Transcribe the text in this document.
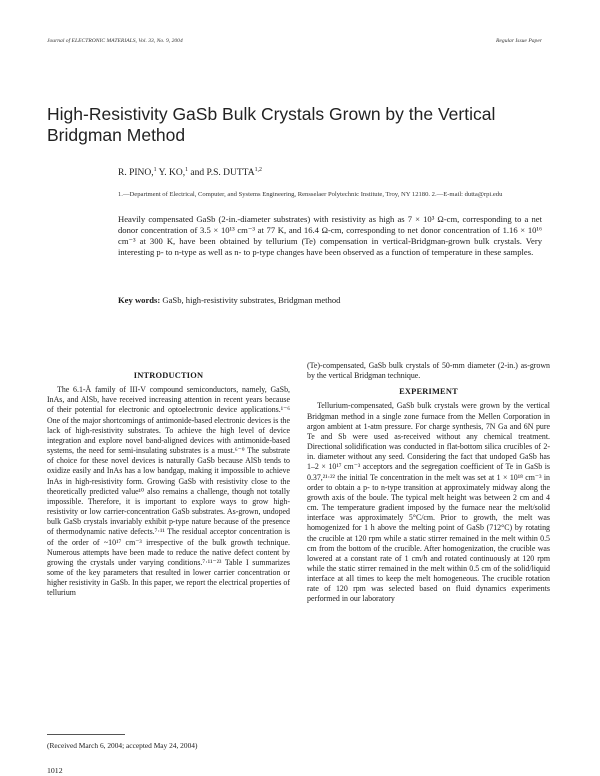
Journal of ELECTRONIC MATERIALS, Vol. 33, No. 9, 2004	Regular Issue Paper
High-Resistivity GaSb Bulk Crystals Grown by the Vertical Bridgman Method
R. PINO,$^1$ Y. KO,$^1$ and P.S. DUTTA$^{1,2}$
1.—Department of Electrical, Computer, and Systems Engineering, Rensselaer Polytechnic Institute, Troy, NY 12180. 2.—E-mail: dutta@rpi.edu
Heavily compensated GaSb (2-in.-diameter substrates) with resistivity as high as 7 × 10³ Ω-cm, corresponding to a net donor concentration of 3.5 × 10¹³ cm⁻³ at 77 K, and 16.4 Ω-cm, corresponding to net donor concentration of 1.16 × 10¹⁶ cm⁻³ at 300 K, have been obtained by tellurium (Te) compensation in vertical-Bridgman-grown bulk crystals. Very interesting p- to n-type as well as n- to p-type changes have been observed as a function of temperature in these samples.
Key words: GaSb, high-resistivity substrates, Bridgman method
INTRODUCTION

The 6.1-Å family of III-V compound semiconductors, namely, GaSb, InAs, and AlSb, have received increasing attention in recent years because of their potential for electronic and optoelectronic device applications.¹⁻⁶ One of the major shortcomings of antimonide-based electronic devices is the lack of high-resistivity substrates. To achieve the high level of device integration and explore novel band-aligned devices with antimonide-based systems, the need for semi-insulating substrates is a must.⁶⁻⁹ The substrate of choice for these novel devices is naturally GaSb because AlSb tends to oxidize easily and InAs has a low bandgap, making it impossible to achieve InAs in high-resistivity form. Growing GaSb with resistivity close to the theoretically predicted value¹⁰ also remains a challenge, though not totally impossible. Therefore, it is important to explore ways to grow high-resistivity or low carrier-concentration GaSb substrates. As-grown, undoped bulk GaSb crystals invariably exhibit p-type nature because of the presence of thermodynamic native defects.⁷·¹¹ The residual acceptor concentration is of the order of ~10¹⁷ cm⁻³ irrespective of the bulk growth technique. Numerous attempts have been made to reduce the native defect content by growing the crystals under varying conditions.⁷·¹¹⁻²³ Table I summarizes some of the key parameters that resulted in lower carrier concentration or higher resistivity in GaSb. In this paper, we report the electrical properties of tellurium

(Te)-compensated, GaSb bulk crystals of 50-mm diameter (2-in.) as-grown by the vertical Bridgman technique.

EXPERIMENT

Tellurium-compensated, GaSb bulk crystals were grown by the vertical Bridgman method in a single zone furnace from the Mellen Corporation in argon ambient at 1-atm pressure. For charge synthesis, 7N Ga and 6N pure Te and Sb were used as-received without any chemical treatment. Directional solidification was conducted in flat-bottom silica crucibles of 2-in. diameter without any seed. Considering the fact that undoped GaSb has 1–2 × 10¹⁷ cm⁻³ acceptors and the segregation coefficient of Te in GaSb is 0.37,²¹·²² the initial Te concentration in the melt was set at 1 × 10¹⁸ cm⁻³ in order to obtain a p- to n-type transition at approximately midway along the growth axis of the boule. The typical melt height was between 2 cm and 4 cm. The temperature gradient imposed by the furnace near the melt/solid interface was approximately 5°C/cm. Prior to growth, the melt was homogenized for 1 h above the melting point of GaSb (712°C) by rotating the crucible at 120 rpm while a static stirrer remained in the melt within 0.5 cm from the bottom of the crucible. After homogenization, the crucible was lowered at a constant rate of 1 cm/h and rotated continuously at 120 rpm while the static stirrer remained in the melt within 0.5 cm of the solid/liquid interface at all times to keep the melt homogeneous. The crucible rotation rate of 120 rpm was selected based on fluid dynamics experiments performed in our laboratory

(Received March 6, 2004; accepted May 24, 2004)
1012
